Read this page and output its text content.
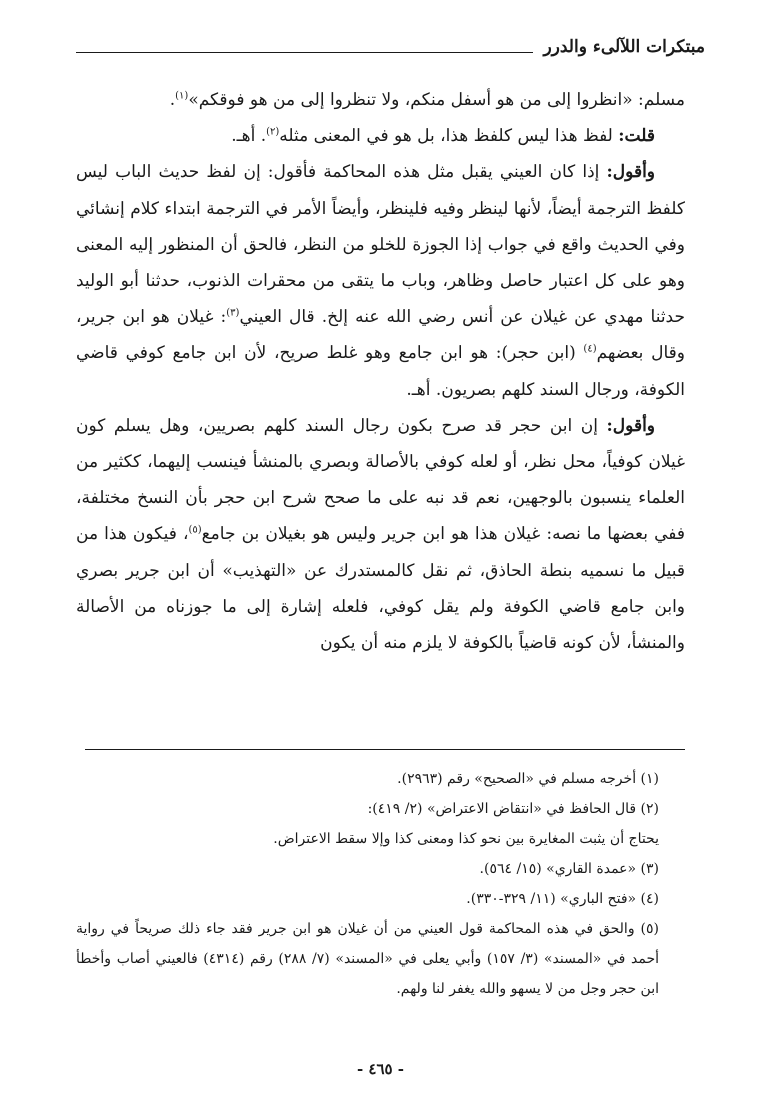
مبتكرات اللآلىء والدرر

مسلم: «انظروا إلى من هو أسفل منكم، ولا تنظروا إلى من هو فوقكم»$^{(١)}$.

قلت: لفظ هذا ليس كلفظ هذا، بل هو في المعنى مثله$^{(٢)}$. أهـ.

وأقول: إذا كان العيني يقبل مثل هذه المحاكمة فأقول: إن لفظ حديث الباب ليس كلفظ الترجمة أيضاً، لأنها لينظر وفيه فلينظر، وأيضاً الأمر في الترجمة ابتداء كلام إنشائي وفي الحديث واقع في جواب إذا الجوزة للخلو من النظر، فالحق أن المنظور إليه المعنى وهو على كل اعتبار حاصل وظاهر، وباب ما يتقى من محقرات الذنوب، حدثنا أبو الوليد حدثنا مهدي عن غيلان عن أنس رضي الله عنه إلخ. قال العيني$^{(٣)}$: غيلان هو ابن جرير، وقال بعضهم$^{(٤)}$ (ابن حجر): هو ابن جامع وهو غلط صريح، لأن ابن جامع كوفي قاضي الكوفة، ورجال السند كلهم بصريون. أهـ.

وأقول: إن ابن حجر قد صرح بكون رجال السند كلهم بصريين، وهل يسلم كون غيلان كوفياً، محل نظر، أو لعله كوفي بالأصالة وبصري بالمنشأ فينسب إليهما، ككثير من العلماء ينسبون بالوجهين، نعم قد نبه على ما صحح شرح ابن حجر بأن النسخ مختلفة، ففي بعضها ما نصه: غيلان هذا هو ابن جرير وليس هو بغيلان بن جامع$^{(٥)}$، فيكون هذا من قبيل ما نسميه بنطة الحاذق، ثم نقل كالمستدرك عن «التهذيب» أن ابن جرير بصري وابن جامع قاضي الكوفة ولم يقل كوفي، فلعله إشارة إلى ما جوزناه من الأصالة والمنشأ، لأن كونه قاضياً بالكوفة لا يلزم منه أن يكون

(١) أخرجه مسلم في «الصحيح» رقم (٢٩٦٣).

(٢) قال الحافظ في «انتقاض الاعتراض» (٢/ ٤١٩):

يحتاج أن يثبت المغايرة بين نحو كذا ومعنى كذا وإلا سقط الاعتراض.

(٣) «عمدة القاري» (١٥/ ٥٦٤).

(٤) «فتح الباري» (١١/ ٣٢٩-٣٣٠).

(٥) والحق في هذه المحاكمة قول العيني من أن غيلان هو ابن جرير فقد جاء ذلك صريحاً في رواية أحمد في «المسند» (٣/ ١٥٧) وأبي يعلى في «المسند» (٧/ ٢٨٨) رقم (٤٣١٤) فالعيني أصاب وأخطأ ابن حجر وجل من لا يسهو والله يغفر لنا ولهم.

- ٤٦٥ -
